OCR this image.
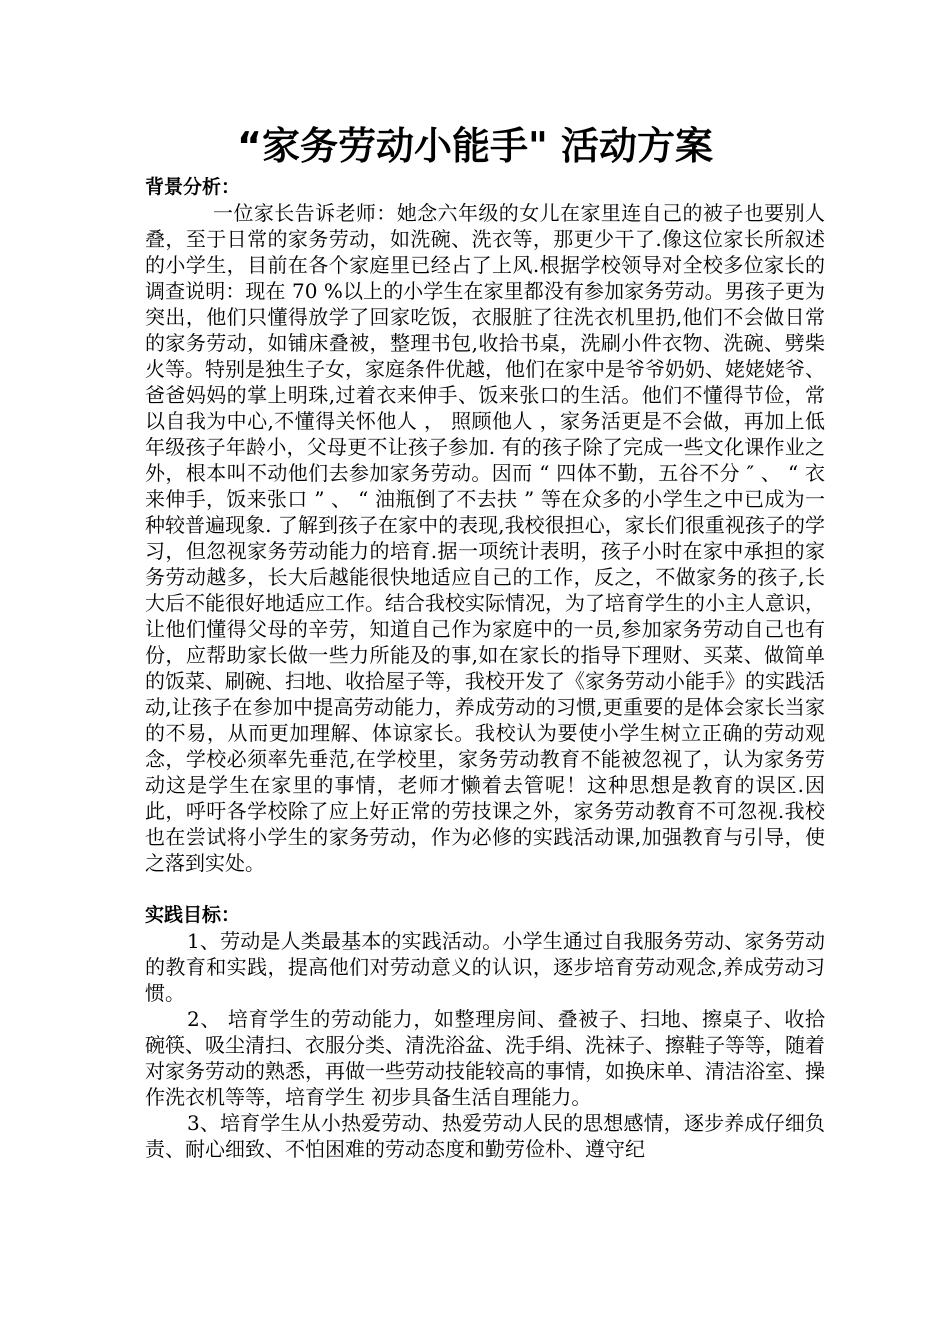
“家务劳动小能手" 活动方案

背景分析：

一位家长告诉老师：她念六年级的女儿在家里连自己的被子也要别人叠，至于日常的家务劳动，如洗碗、洗衣等，那更少干了.像这位家长所叙述的小学生，目前在各个家庭里已经占了上风.根据学校领导对全校多位家长的调查说明：现在 70 %以上的小学生在家里都没有参加家务劳动。男孩子更为突出，他们只懂得放学了回家吃饭，衣服脏了往洗衣机里扔,他们不会做日常的家务劳动，如铺床叠被，整理书包,收拾书桌，洗刷小件衣物、洗碗、劈柴火等。特别是独生子女，家庭条件优越，他们在家中是爷爷奶奶、姥姥姥爷、爸爸妈妈的掌上明珠,过着衣来伸手、饭来张口的生活。他们不懂得节俭，常以自我为中心,不懂得关怀他人 ， 照顾他人 ，家务活更是不会做，再加上低年级孩子年龄小，父母更不让孩子参加. 有的孩子除了完成一些文化课作业之外，根本叫不动他们去参加家务劳动。因而 “ 四体不勤，五谷不分 ″ 、 “ 衣来伸手，饭来张口 ” 、 “ 油瓶倒了不去扶 ” 等在众多的小学生之中已成为一种较普遍现象. 了解到孩子在家中的表现,我校很担心，家长们很重视孩子的学习，但忽视家务劳动能力的培育.据一项统计表明，孩子小时在家中承担的家务劳动越多，长大后越能很快地适应自己的工作，反之，不做家务的孩子,长大后不能很好地适应工作。结合我校实际情况，为了培育学生的小主人意识，让他们懂得父母的辛劳，知道自己作为家庭中的一员,参加家务劳动自己也有份，应帮助家长做一些力所能及的事,如在家长的指导下理财、买菜、做简单的饭菜、刷碗、扫地、收拾屋子等，我校开发了《家务劳动小能手》的实践活动,让孩子在参加中提高劳动能力，养成劳动的习惯,更重要的是体会家长当家的不易，从而更加理解、体谅家长。我校认为要使小学生树立正确的劳动观念，学校必须率先垂范,在学校里，家务劳动教育不能被忽视了，认为家务劳动这是学生在家里的事情，老师才懒着去管呢！这种思想是教育的误区.因此，呼吁各学校除了应上好正常的劳技课之外，家务劳动教育不可忽视.我校也在尝试将小学生的家务劳动，作为必修的实践活动课,加强教育与引导，使之落到实处。

实践目标：

1、劳动是人类最基本的实践活动。小学生通过自我服务劳动、家务劳动的教育和实践，提高他们对劳动意义的认识，逐步培育劳动观念,养成劳动习惯。

2、 培育学生的劳动能力，如整理房间、叠被子、扫地、擦桌子、收拾碗筷、吸尘清扫、衣服分类、清洗浴盆、洗手绢、洗袜子、擦鞋子等等，随着对家务劳动的熟悉，再做一些劳动技能较高的事情，如换床单、清洁浴室、操作洗衣机等等，培育学生 初步具备生活自理能力。

3、培育学生从小热爱劳动、热爱劳动人民的思想感情，逐步养成仔细负责、耐心细致、不怕困难的劳动态度和勤劳俭朴、遵守纪
